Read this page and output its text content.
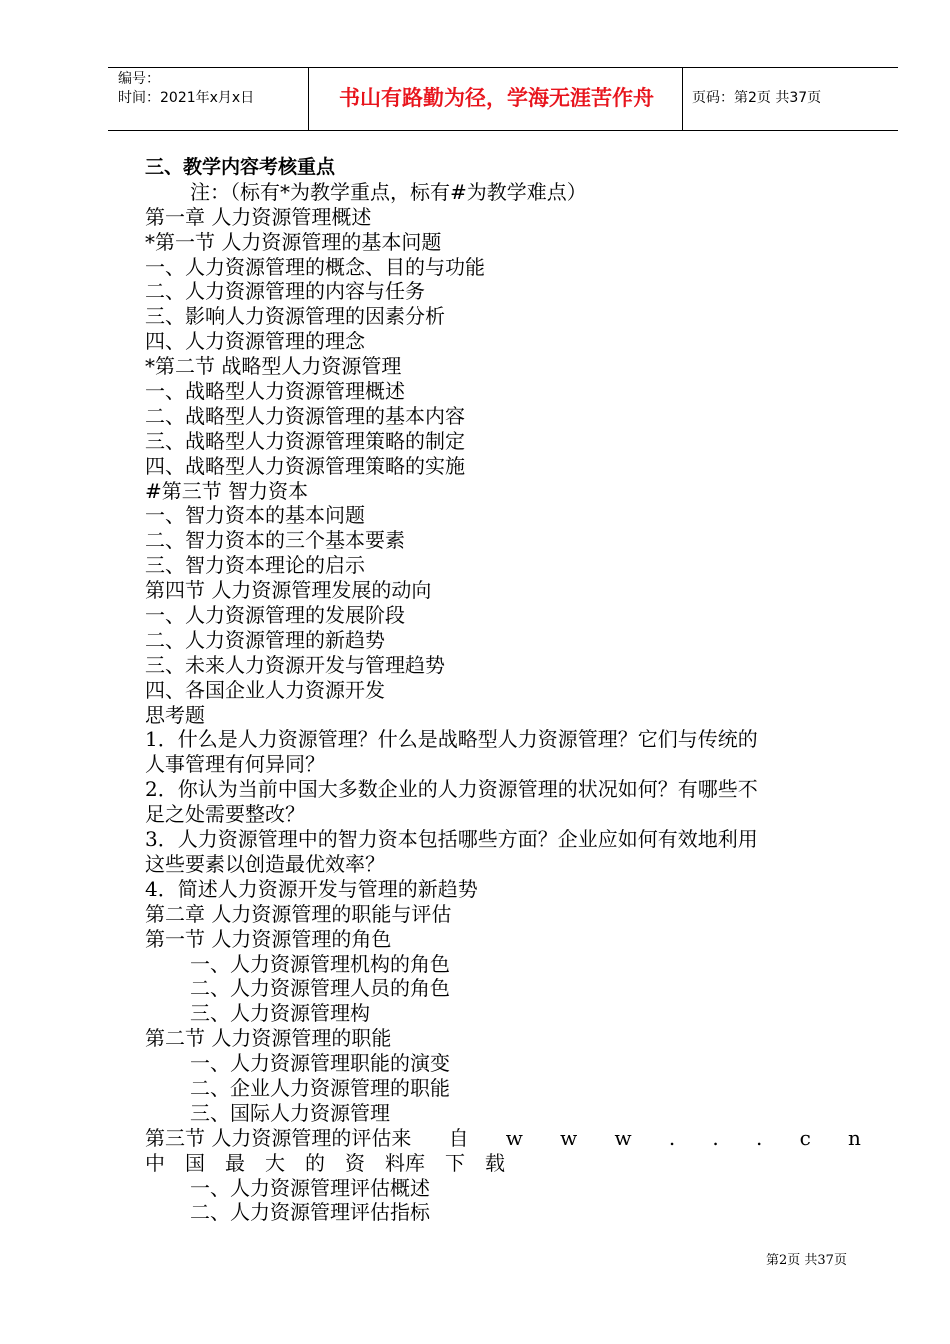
编号：
时间：2021年x月x日	书山有路勤为径，学海无涯苦作舟	页码：第2页 共37页
三、教学内容考核重点
注：（标有*为教学重点，标有#为教学难点）
第一章 人力资源管理概述
*第一节 人力资源管理的基本问题
一、人力资源管理的概念、目的与功能
二、人力资源管理的内容与任务
三、影响人力资源管理的因素分析
四、人力资源管理的理念
*第二节 战略型人力资源管理
一、战略型人力资源管理概述
二、战略型人力资源管理的基本内容
三、战略型人力资源管理策略的制定
四、战略型人力资源管理策略的实施
#第三节 智力资本
一、智力资本的基本问题
二、智力资本的三个基本要素
三、智力资本理论的启示
第四节 人力资源管理发展的动向
一、人力资源管理的发展阶段
二、人力资源管理的新趋势
三、未来人力资源开发与管理趋势
四、各国企业人力资源开发
思考题
1．什么是人力资源管理？什么是战略型人力资源管理？它们与传统的
人事管理有何异同？
2．你认为当前中国大多数企业的人力资源管理的状况如何？有哪些不
足之处需要整改？
3．人力资源管理中的智力资本包括哪些方面？企业应如何有效地利用
这些要素以创造最优效率？
4．简述人力资源开发与管理的新趋势
第二章 人力资源管理的职能与评估
第一节 人力资源管理的角色
一、人力资源管理机构的角色
二、人力资源管理人员的角色
三、人力资源管理构
第二节 人力资源管理的职能
一、人力资源管理职能的演变
二、企业人力资源管理的职能
三、国际人力资源管理
第三节 人力资源管理的评估来 自 w w w . . . c n
中 国 最 大 的 资 料库 下 载
一、人力资源管理评估概述
二、人力资源管理评估指标
第2页 共37页
